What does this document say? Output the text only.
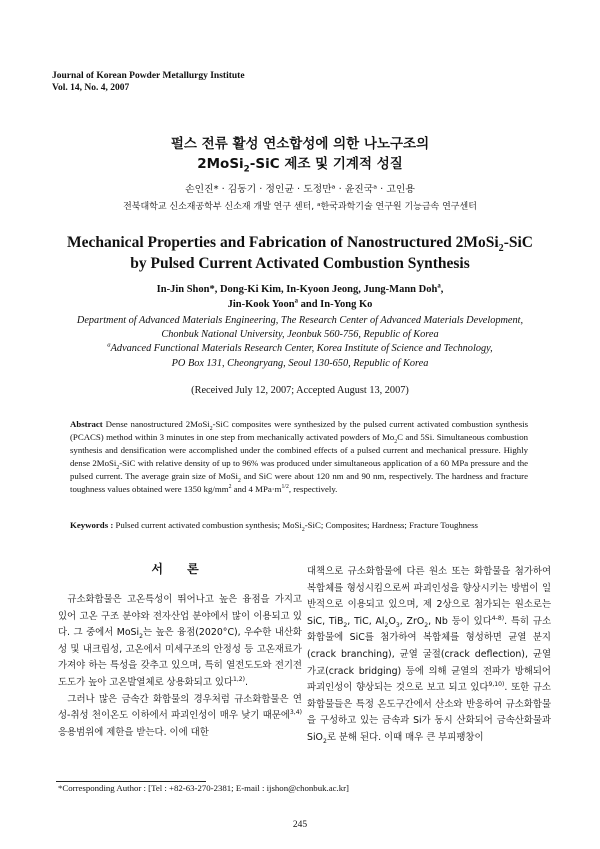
Journal of Korean Powder Metallurgy Institute
Vol. 14, No. 4, 2007
펄스 전류 활성 연소합성에 의한 나노구조의
2MoSi$_2$-SiC 제조 및 기계적 성질
손인진* · 김동기 · 정인균 · 도정만ᵃ · 윤진국ᵃ · 고인용
전북대학교 신소재공학부 신소재 개발 연구 센터, ᵃ한국과학기술 연구원 기능금속 연구센터
Mechanical Properties and Fabrication of Nanostructured 2MoSi$_2$-SiC
by Pulsed Current Activated Combustion Synthesis
In-Jin Shon*, Dong-Ki Kim, In-Kyoon Jeong, Jung-Mann Doh$^a$,
Jin-Kook Yoon$^a$ and In-Yong Ko
Department of Advanced Materials Engineering, The Research Center of Advanced Materials Development,
Chonbuk National University, Jeonbuk 560-756, Republic of Korea
$^a$Advanced Functional Materials Research Center, Korea Institute of Science and Technology,
PO Box 131, Cheongryang, Seoul 130-650, Republic of Korea
(Received July 12, 2007; Accepted August 13, 2007)
Abstract Dense nanostructured 2MoSi$_2$-SiC composites were synthesized by the pulsed current activated combustion synthesis (PCACS) method within 3 minutes in one step from mechanically activated powders of $Mo_2C$ and 5Si. Simultaneous combustion synthesis and densification were accomplished under the combined effects of a pulsed current and mechanical pressure. Highly dense 2MoSi$_2$-SiC with relative density of up to 96% was produced under simultaneous application of a 60 MPa pressure and the pulsed current. The average grain size of MoSi$_2$ and SiC were about 120 nm and 90 nm, respectively. The hardness and fracture toughness values obtained were 1350 $kg/mm^2$ and 4 $MPa\cdot m^{1/2}$, respectively.
Keywords : Pulsed current activated combustion synthesis; MoSi$_2$-SiC; Composites; Hardness; Fracture Toughness
서 론

규소화합물은 고온특성이 뛰어나고 높은 융점을 가지고 있어 고온 구조 분야와 전자산업 분야에서 많이 이용되고 있다. 그 중에서 MoSi$_2$는 높은 융점(2020°C), 우수한 내산화성 및 내크립성, 고온에서 미세구조의 안정성 등 고온재료가 가져야 하는 특성을 갖추고 있으며, 특히 열전도도와 전기전도도가 높아 고온발열체로 상용화되고 있다$^{1,2)}$.

그러나 많은 금속간 화합물의 경우처럼 규소화합물은 연성-취성 천이온도 이하에서 파괴인성이 매우 낮기 때문에$^{3,4)}$ 응용범위에 제한을 받는다. 이에 대한

대책으로 규소화합물에 다른 원소 또는 화합물을 첨가하여 복합체를 형성시킴으로써 파괴인성을 향상시키는 방법이 일반적으로 이용되고 있으며, 제 2상으로 첨가되는 원소로는 SiC, TiB$_2$, TiC, $Al_2O_3$, ZrO$_2$, Nb 등이 있다$^{4-8)}$. 특히 규소화합물에 SiC를 첨가하여 복합체를 형성하면 균열 분지(crack branching), 균열 굴절(crack deflection), 균열 가교(crack bridging) 등에 의해 균열의 전파가 방해되어 파괴인성이 향상되는 것으로 보고 되고 있다$^{9,10)}$. 또한 규소화합물들은 특정 온도구간에서 산소와 반응하여 규소화합물을 구성하고 있는 금속과 Si가 동시 산화되어 금속산화물과 SiO$_2$로 분해 된다. 이때 매우 큰 부피팽창이

*Corresponding Author : [Tel : +82-63-270-2381; E-mail : ijshon@chonbuk.ac.kr]
245
